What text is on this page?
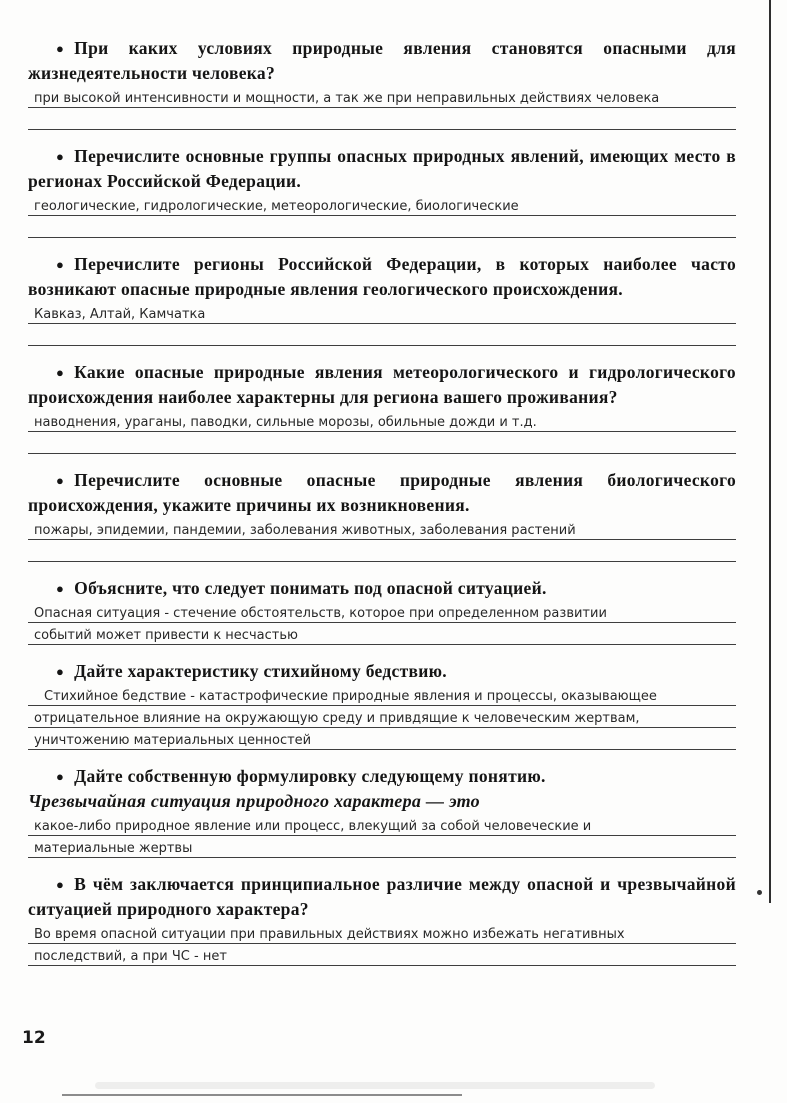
● При каких условиях природные явления становятся опасными для жизнедеятельности человека?
при высокой интенсивности и мощности, а так же при неправильных действиях человека
● Перечислите основные группы опасных природных явлений, имеющих место в регионах Российской Федерации.
геологические, гидрологические, метеорологические, биологические
● Перечислите регионы Российской Федерации, в которых наиболее часто возникают опасные природные явления геологического происхождения.
Кавказ, Алтай, Камчатка
● Какие опасные природные явления метеорологического и гидрологического происхождения наиболее характерны для региона вашего проживания?
наводнения, ураганы, паводки, сильные морозы, обильные дожди и т.д.
● Перечислите основные опасные природные явления биологического происхождения, укажите причины их возникновения.
пожары, эпидемии, пандемии, заболевания животных, заболевания растений
● Объясните, что следует понимать под опасной ситуацией.
Опасная ситуация - стечение обстоятельств, которое при определенном развитии событий может привести к несчастью
● Дайте характеристику стихийному бедствию.
Стихийное бедствие - катастрофические природные явления и процессы, оказывающее отрицательное влияние на окружающую среду и привдящие к человеческим жертвам, уничтожению материальных ценностей
● Дайте собственную формулировку следующему понятию.
Чрезвычайная ситуация природного характера — это
какое-либо природное явление или процесс, влекущий за собой человеческие и материальные жертвы
● В чём заключается принципиальное различие между опасной и чрезвычайной ситуацией природного характера?
Во время опасной ситуации при правильных действиях можно избежать негативных последствий, а при ЧС - нет
12
